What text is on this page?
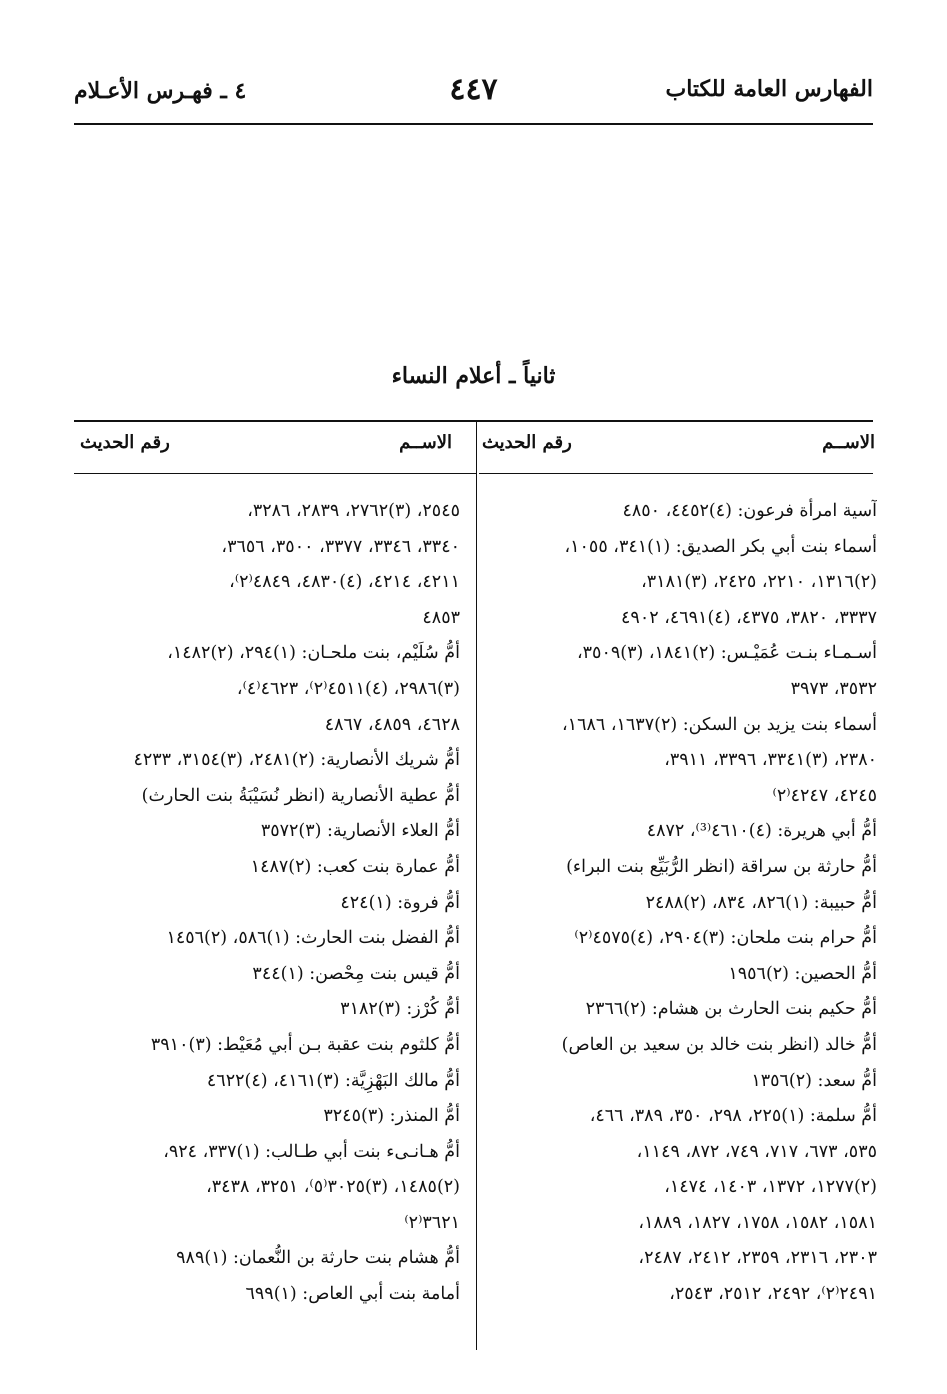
الفهارس العامة للكتاب
٤٤٧
٤ ـ فهـرس الأعـلام
ثانياً ـ أعلام النساء
الاســم
رقم الحديث
الاســم
رقم الحديث
آسية امرأة فرعون: (٤)٤٤٥٢، ٤٨٥٠
أسماء بنت أبي بكر الصديق: (١)٣٤١، ١٠٥٥،
(٢)١٣١٦، ٢٢١٠، ٢٤٢٥، (٣)٣١٨١،
٣٣٣٧، ٣٨٢٠، ٤٣٧٥، (٤)٤٦٩١، ٤٩٠٢
أسـمـاء بنـت عُمَيْـس: (٢)١٨٤١، (٣)٣٥٠٩،
٣٥٣٢، ٣٩٧٣
أسماء بنت يزيد بن السكن: (٢)١٦٣٧، ١٦٨٦،
٢٣٨٠، (٣)٣٣٤١، ٣٣٩٦، ٣٩١١،
٤٢٤٥، ٤٢٤٧⁽٢⁾
أمُّ أبي هريرة: (٤)٤٦١٠⁽³⁾، ٤٨٧٢
أمُّ حارثة بن سراقة (انظر الرُّبَيِّع بنت البراء)
أمُّ حبيبة: (١)٨٢٦، ٨٣٤، (٢)٢٤٨٨
أمُّ حرام بنت ملحان: (٣)٢٩٠٤، (٤)٤٥٧٥⁽٢⁾
أمُّ الحصين: (٢)١٩٥٦
أمُّ حكيم بنت الحارث بن هشام: (٢)٢٣٦٦
أمُّ خالد (انظر بنت خالد بن سعيد بن العاص)
أمُّ سعد: (٢)١٣٥٦
أمُّ سلمة: (١)٢٢٥، ٢٩٨، ٣٥٠، ٣٨٩، ٤٦٦،
٥٣٥، ٦٧٣، ٧١٧، ٧٤٩، ٨٧٢، ١١٤٩،
(٢)١٢٧٧، ١٣٧٢، ١٤٠٣، ١٤٧٤،
١٥٨١، ١٥٨٢، ١٧٥٨، ١٨٢٧، ١٨٨٩،
٢٣٠٣، ٢٣١٦، ٢٣٥٩، ٢٤١٢، ٢٤٨٧،
٢٤٩١⁽٢⁾، ٢٤٩٢، ٢٥١٢، ٢٥٤٣،
٢٥٤٥، (٣)٢٧٦٢، ٢٨٣٩، ٣٢٨٦،
٣٣٤٠، ٣٣٤٦، ٣٣٧٧، ٣٥٠٠، ٣٦٥٦،
٤٢١١، ٤٢١٤، (٤)٤٨٣٠، ٤٨٤٩⁽٢⁾،
٤٨٥٣
أمُّ سُلَيْم، بنت ملحـان: (١)٢٩٤، (٢)١٤٨٢،
(٣)٢٩٨٦، (٤)٤٥١١⁽٢⁾، ٤٦٢٣⁽٤⁾،
٤٦٢٨، ٤٨٥٩، ٤٨٦٧
أمُّ شريك الأنصارية: (٢)٢٤٨١، (٣)٣١٥٤، ٤٢٣٣
أمُّ عطية الأنصارية (انظر نُسَيْبَةُ بنت الحارث)
أمُّ العلاء الأنصارية: (٣)٣٥٧٢
أمُّ عمارة بنت كعب: (٢)١٤٨٧
أمُّ فروة: (١)٤٢٤
أمُّ الفضل بنت الحارث: (١)٥٨٦، (٢)١٤٥٦
أمُّ قيس بنت مِحْصن: (١)٣٤٤
أمُّ كُرْز: (٣)٣١٨٢
أمُّ كلثوم بنت عقبة بـن أبي مُعَيْط: (٣)٣٩١٠
أمُّ مالك البَهْزِيَّة: (٣)٤١٦١، (٤)٤٦٢٢
أمُّ المنذر: (٣)٣٢٤٥
أمُّ هـانـىء بنت أبي طـالب: (١)٣٣٧، ٩٢٤،
(٢)١٤٨٥، (٣)٣٠٢٥⁽٥⁾، ٣٢٥١، ٣٤٣٨،
٣٦٢١⁽٢⁾
أمُّ هشام بنت حارثة بن النُّعمان: (١)٩٨٩
أمامة بنت أبي العاص: (١)٦٩٩
